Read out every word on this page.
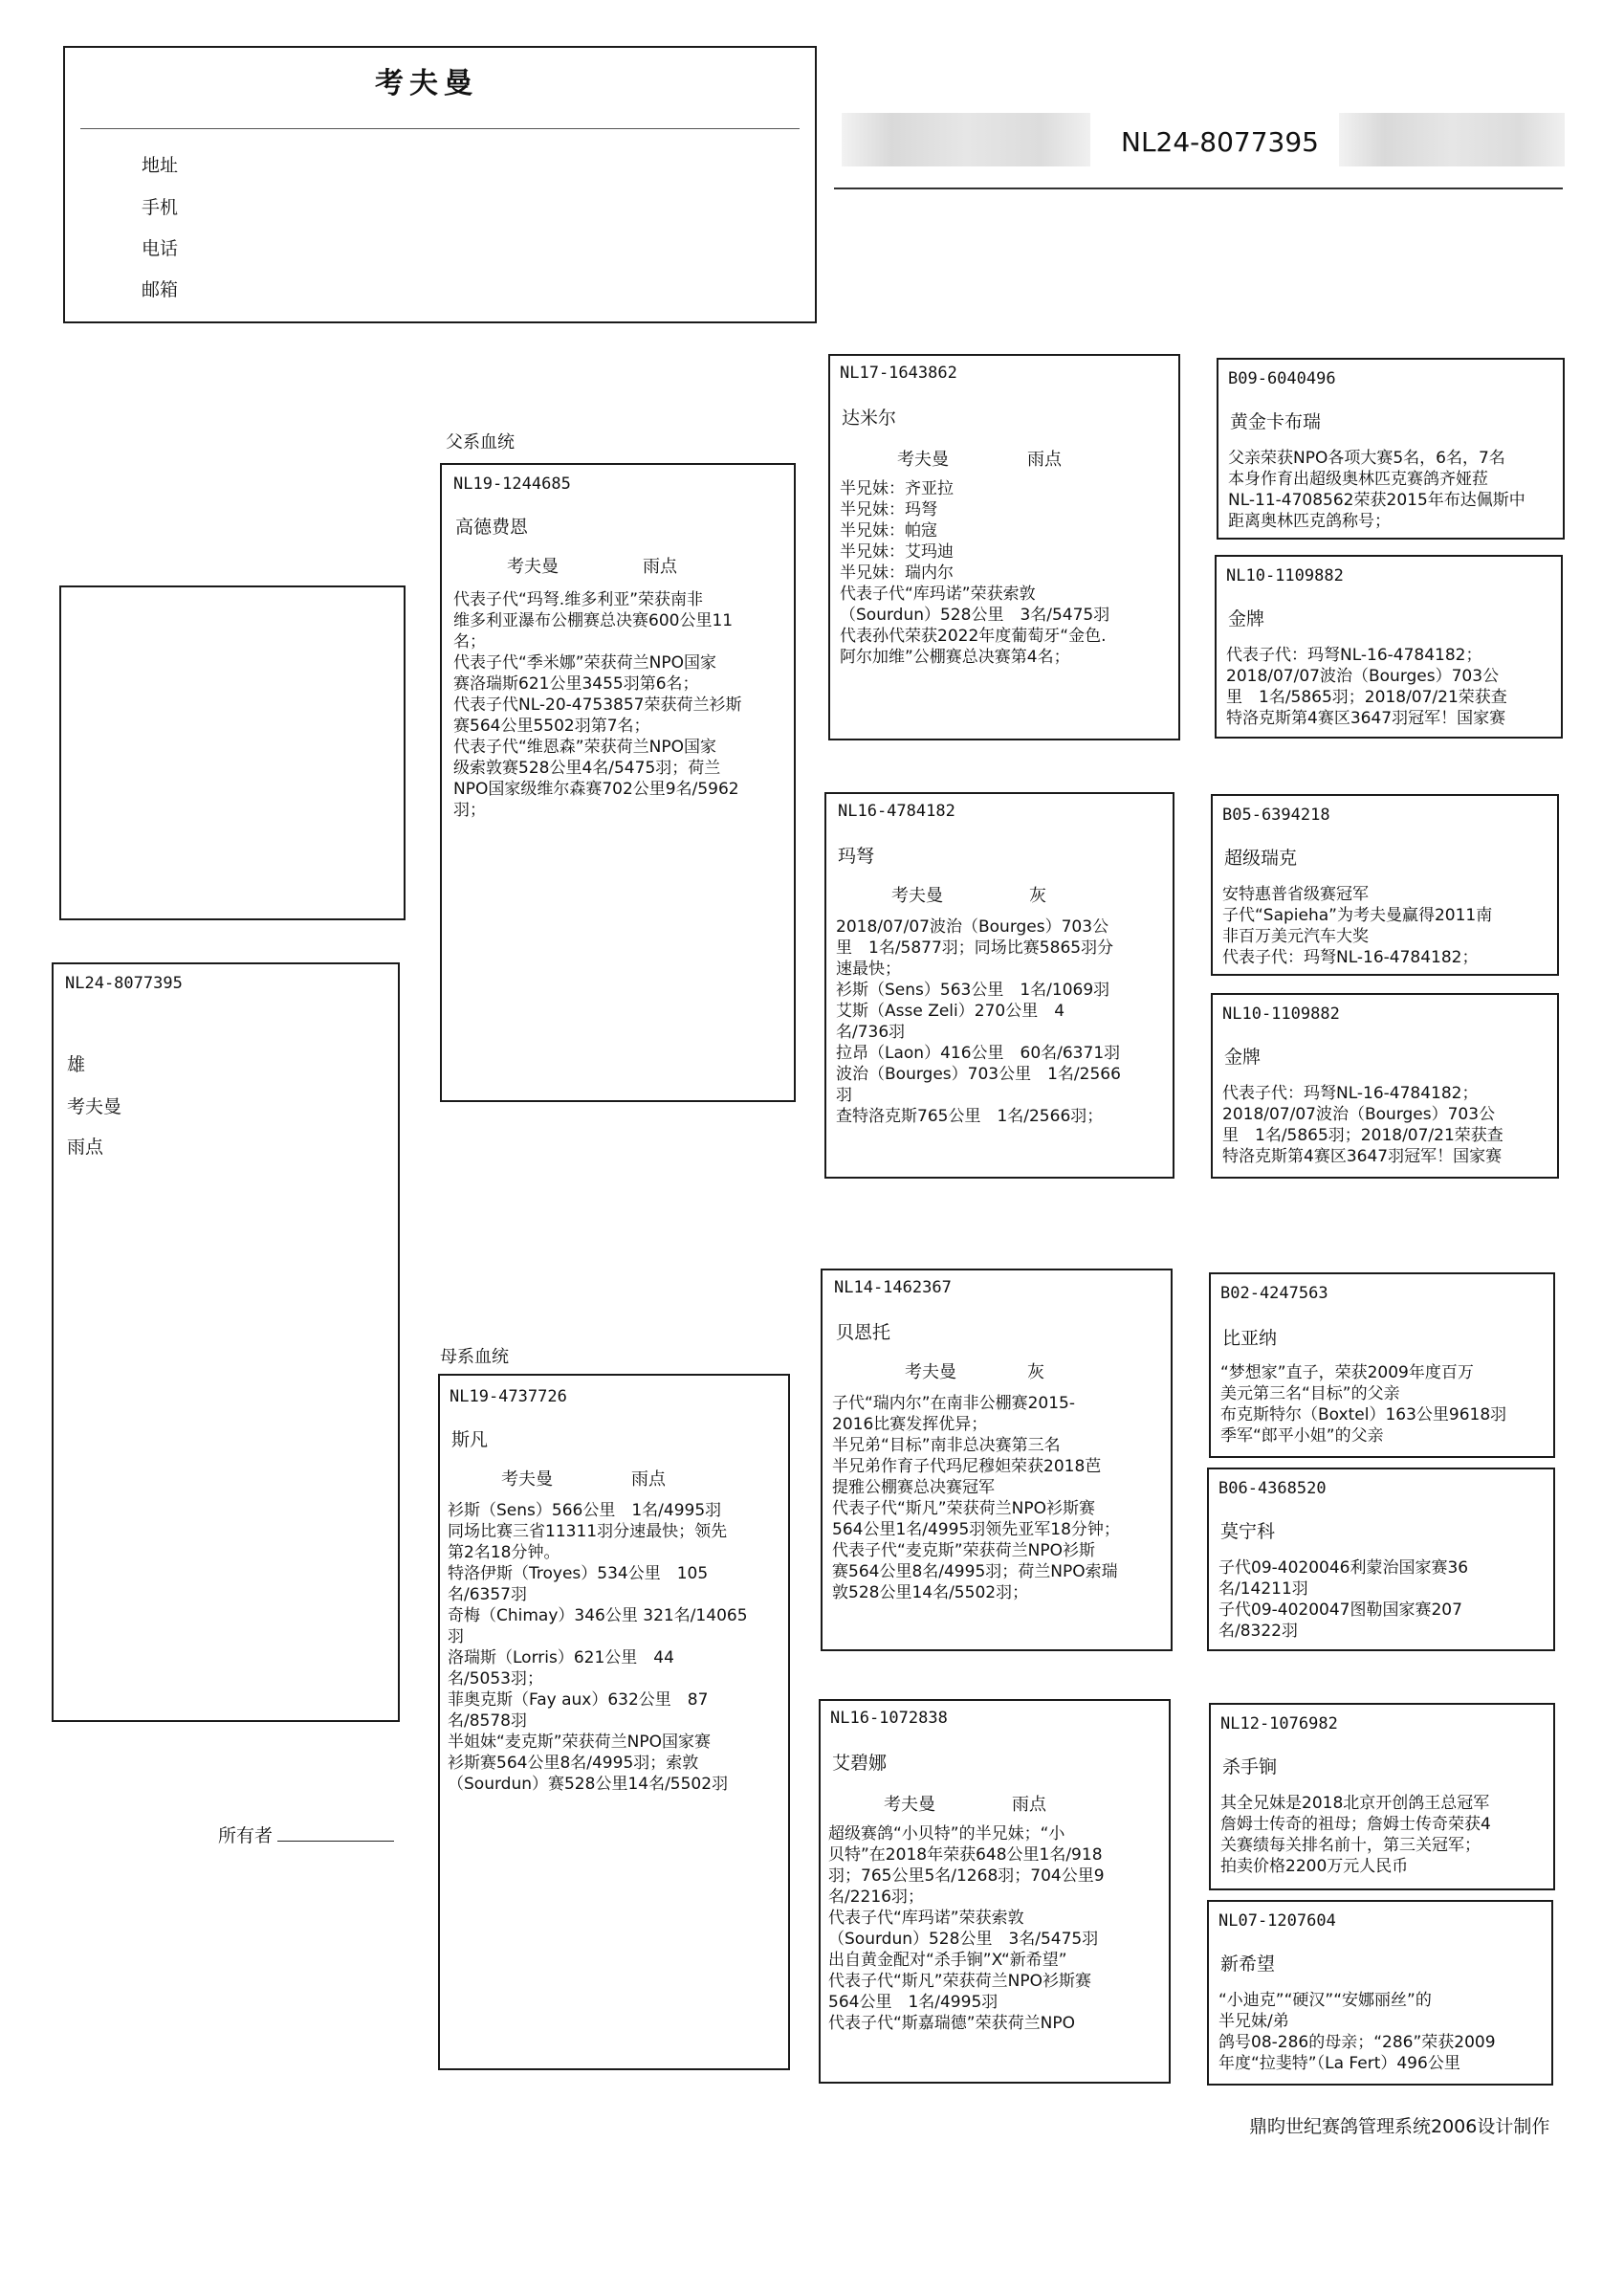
考夫曼
地址
手机
电话
邮箱
NL24-8077395
NL24-8077395
雄
考夫曼
雨点
所有者
父系血统
母系血统
NL19-1244685
高德费恩
考夫曼	雨点
代表子代“玛弩.维多利亚”荣获南非
维多利亚瀑布公棚赛总决赛600公里11
名；
代表子代“季米娜”荣获荷兰NPO国家
赛洛瑞斯621公里3455羽第6名；
代表子代NL-20-4753857荣获荷兰衫斯
赛564公里5502羽第7名；
代表子代“维恩森”荣获荷兰NPO国家
级索敦赛528公里4名/5475羽；荷兰
NPO国家级维尔森赛702公里9名/5962
羽；
NL19-4737726
斯凡
考夫曼	雨点
衫斯（Sens）566公里　1名/4995羽
同场比赛三省11311羽分速最快；领先
第2名18分钟。
特洛伊斯（Troyes）534公里　105
名/6357羽
奇梅（Chimay）346公里 321名/14065
羽
洛瑞斯（Lorris）621公里　44
名/5053羽；
菲奥克斯（Fay aux）632公里　87
名/8578羽
半姐妹“麦克斯”荣获荷兰NPO国家赛
衫斯赛564公里8名/4995羽；索敦
（Sourdun）赛528公里14名/5502羽
NL17-1643862
达米尔
考夫曼	雨点
半兄妹：齐亚拉
半兄妹：玛弩
半兄妹：帕寇
半兄妹：艾玛迪
半兄妹：瑞内尔
代表子代“库玛诺”荣获索敦
（Sourdun）528公里　3名/5475羽
代表孙代荣获2022年度葡萄牙“金色.
阿尔加维”公棚赛总决赛第4名；
NL16-4784182
玛弩
考夫曼	灰
2018/07/07波治（Bourges）703公
里　1名/5877羽；同场比赛5865羽分
速最快；
衫斯（Sens）563公里　1名/1069羽
艾斯（Asse Zeli）270公里　4
名/736羽
拉昂（Laon）416公里　60名/6371羽
波治（Bourges）703公里　1名/2566
羽
查特洛克斯765公里　1名/2566羽；
NL14-1462367
贝恩托
考夫曼	灰
子代“瑞内尔”在南非公棚赛2015-
2016比赛发挥优异；
半兄弟“目标”南非总决赛第三名
半兄弟作育子代玛尼穆妲荣获2018芭
提雅公棚赛总决赛冠军
代表子代“斯凡”荣获荷兰NPO衫斯赛
564公里1名/4995羽领先亚军18分钟；
代表子代“麦克斯”荣获荷兰NPO衫斯
赛564公里8名/4995羽；荷兰NPO索瑞
敦528公里14名/5502羽；
NL16-1072838
艾碧娜
考夫曼	雨点
超级赛鸽“小贝特”的半兄妹；“小
贝特”在2018年荣获648公里1名/918
羽；765公里5名/1268羽；704公里9
名/2216羽；
代表子代“库玛诺”荣获索敦
（Sourdun）528公里　3名/5475羽
出自黄金配对“杀手锏”X“新希望”
代表子代“斯凡”荣获荷兰NPO衫斯赛
564公里　1名/4995羽
代表子代“斯嘉瑞德”荣获荷兰NPO
B09-6040496
黄金卡布瑞
父亲荣获NPO各项大赛5名，6名，7名
本身作育出超级奥林匹克赛鸽齐娅菈
NL-11-4708562荣获2015年布达佩斯中
距离奥林匹克鸽称号；
NL10-1109882
金牌
代表子代：玛弩NL-16-4784182；
2018/07/07波治（Bourges）703公
里　1名/5865羽；2018/07/21荣获查
特洛克斯第4赛区3647羽冠军！国家赛
B05-6394218
超级瑞克
安特惠普省级赛冠军
子代“Sapieha”为考夫曼赢得2011南
非百万美元汽车大奖
代表子代：玛弩NL-16-4784182；
NL10-1109882
金牌
代表子代：玛弩NL-16-4784182；
2018/07/07波治（Bourges）703公
里　1名/5865羽；2018/07/21荣获查
特洛克斯第4赛区3647羽冠军！国家赛
B02-4247563
比亚纳
“梦想家”直子，荣获2009年度百万
美元第三名“目标”的父亲
布克斯特尔（Boxtel）163公里9618羽
季军“郎平小姐”的父亲
B06-4368520
莫宁科
子代09-4020046利蒙治国家赛36
名/14211羽
子代09-4020047图勒国家赛207
名/8322羽
NL12-1076982
杀手锏
其全兄妹是2018北京开创鸽王总冠军
詹姆士传奇的祖母；詹姆士传奇荣获4
关赛绩每关排名前十，第三关冠军；
拍卖价格2200万元人民币
NL07-1207604
新希望
“小迪克”“硬汉”“安娜丽丝”的
半兄妹/弟
鸽号08-286的母亲；“286”荣获2009
年度“拉斐特”（La Fert）496公里
鼎昀世纪赛鸽管理系统2006设计制作
